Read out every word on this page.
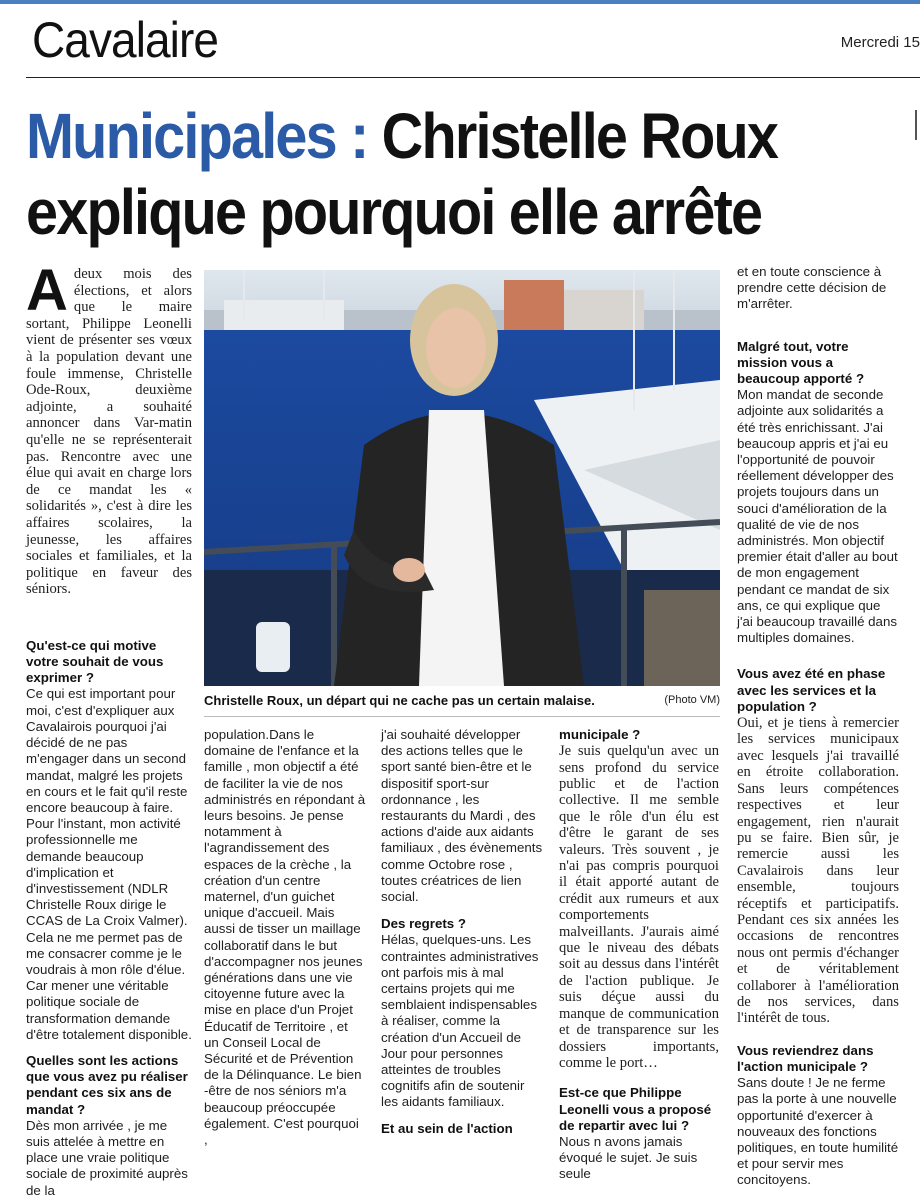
Cavalaire	Mercredi 15
Municipales : Christelle Roux
explique pourquoi elle arrête
Adeux mois des élections, et alors que le maire sortant, Philippe Leonelli vient de présenter ses vœux à la population devant une foule immense, Christelle Ode-Roux, deuxième adjointe, a souhaité annoncer dans Var-matin qu'elle ne se représenterait pas. Rencontre avec une élue qui avait en charge lors de ce mandat les « solidarités », c'est à dire les affaires scolaires, la jeunesse, les affaires sociales et familiales, et la politique en faveur des séniors.
Qu'est-ce qui motive votre souhait de vous exprimer ?
Ce qui est important pour moi, c'est d'expliquer aux Cavalairois pourquoi j'ai décidé de ne pas m'engager dans un second mandat, malgré les projets en cours et le fait qu'il reste encore beaucoup à faire. Pour l'instant, mon activité professionnelle me demande beaucoup d'implication et d'investissement (NDLR Christelle Roux dirige le CCAS de La Croix Valmer). Cela ne me permet pas de me consacrer comme je le voudrais à mon rôle d'élue. Car mener une véritable politique sociale de transformation demande d'être totalement disponible.
Quelles sont les actions que vous avez pu réaliser pendant ces six ans de mandat ?
Dès mon arrivée , je me suis attelée à mettre en place une vraie politique sociale de proximité auprès de la
Christelle Roux, un départ qui ne cache pas un certain malaise.	(Photo VM)
population.Dans le domaine de l'enfance et la famille , mon objectif a été de faciliter la vie de nos administrés en répondant à leurs besoins. Je pense notamment à l'agrandissement des espaces de la crèche , la création d'un centre maternel, d'un guichet unique d'accueil. Mais aussi de tisser un maillage collaboratif dans le but d'accompagner nos jeunes générations dans une vie citoyenne future avec la mise en place d'un Projet Éducatif de Territoire , et un Conseil Local de Sécurité et de Prévention de la Délinquance. Le bien -être de nos séniors m'a beaucoup préoccupée également. C'est pourquoi ,
j'ai souhaité développer des actions telles que le sport santé bien-être et le dispositif sport-sur ordonnance , les restaurants du Mardi , des actions d'aide aux aidants familiaux , des évènements comme Octobre rose , toutes créatrices de lien social.
Des regrets ?
Hélas, quelques-uns. Les contraintes administratives ont parfois mis à mal certains projets qui me semblaient indispensables à réaliser, comme la création d'un Accueil de Jour pour personnes atteintes de troubles cognitifs afin de soutenir les aidants familiaux.
Et au sein de l'action
municipale ?
Je suis quelqu'un avec un sens profond du service public et de l'action collective. Il me semble que le rôle d'un élu est d'être le garant de ses valeurs. Très souvent , je n'ai pas compris pourquoi il était apporté autant de crédit aux rumeurs et aux comportements malveillants. J'aurais aimé que le niveau des débats soit au dessus dans l'intérêt de l'action publique. Je suis déçue aussi du manque de communication et de transparence sur les dossiers importants, comme le port…
Est-ce que Philippe Leonelli vous a proposé de repartir avec lui ?
Nous n avons jamais évoqué le sujet. Je suis seule
et en toute conscience à prendre cette décision de m'arrêter.
Malgré tout, votre mission vous a beaucoup apporté ?
Mon mandat de seconde adjointe aux solidarités a été très enrichissant. J'ai beaucoup appris et j'ai eu l'opportunité de pouvoir réellement développer des projets toujours dans un souci d'amélioration de la qualité de vie de nos administrés. Mon objectif premier était d'aller au bout de mon engagement pendant ce mandat de six ans, ce qui explique que j'ai beaucoup travaillé dans multiples domaines.
Vous avez été en phase avec les services et la population ?
Oui, et je tiens à remercier les services municipaux avec lesquels j'ai travaillé en étroite collaboration. Sans leurs compétences respectives et leur engagement, rien n'aurait pu se faire. Bien sûr, je remercie aussi les Cavalairois dans leur ensemble, toujours réceptifs et participatifs. Pendant ces six années les occasions de rencontres nous ont permis d'échanger et de véritablement collaborer à l'amélioration de nos services, dans l'intérêt de tous.
Vous reviendrez dans l'action municipale ?
Sans doute ! Je ne ferme pas la porte à une nouvelle opportunité d'exercer à nouveaux des fonctions politiques, en toute humilité et pour servir mes concitoyens.
